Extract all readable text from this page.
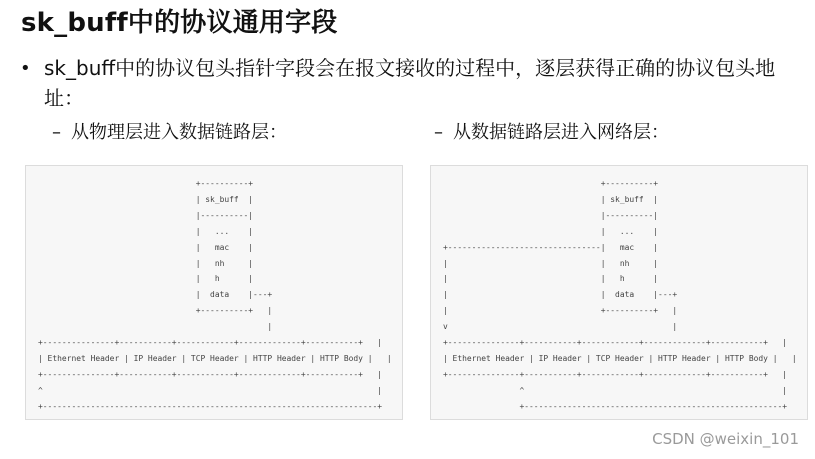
sk_buff中的协议通用字段
• sk_buff中的协议包头指针字段会在报文接收的过程中，逐层获得正确的协议包头地址：
– 从物理层进入数据链路层：	– 从数据链路层进入网络层：
+----------+
| sk_buff  |
|----------|
|   ...    |
|   mac    |
|   nh     |
|   h      |
|  data    |---+
+----------+   |
|
+---------------+-----------+------------+-------------+-----------+   |
| Ethernet Header | IP Header | TCP Header | HTTP Header | HTTP Body |   |
+---------------+-----------+------------+-------------+-----------+   |
^                                                                      |
+----------------------------------------------------------------------+
+----------+
| sk_buff  |
|----------|
|   ...    |
+--------------------------------|   mac    |
|                                |   nh     |
|                                |   h      |
|                                |  data    |---+
|                                +----------+   |
v                                               |
+---------------+-----------+------------+-------------+-----------+   |
| Ethernet Header | IP Header | TCP Header | HTTP Header | HTTP Body |   |
+---------------+-----------+------------+-------------+-----------+   |
^                                                      |
+------------------------------------------------------+
CSDN @weixin_101
